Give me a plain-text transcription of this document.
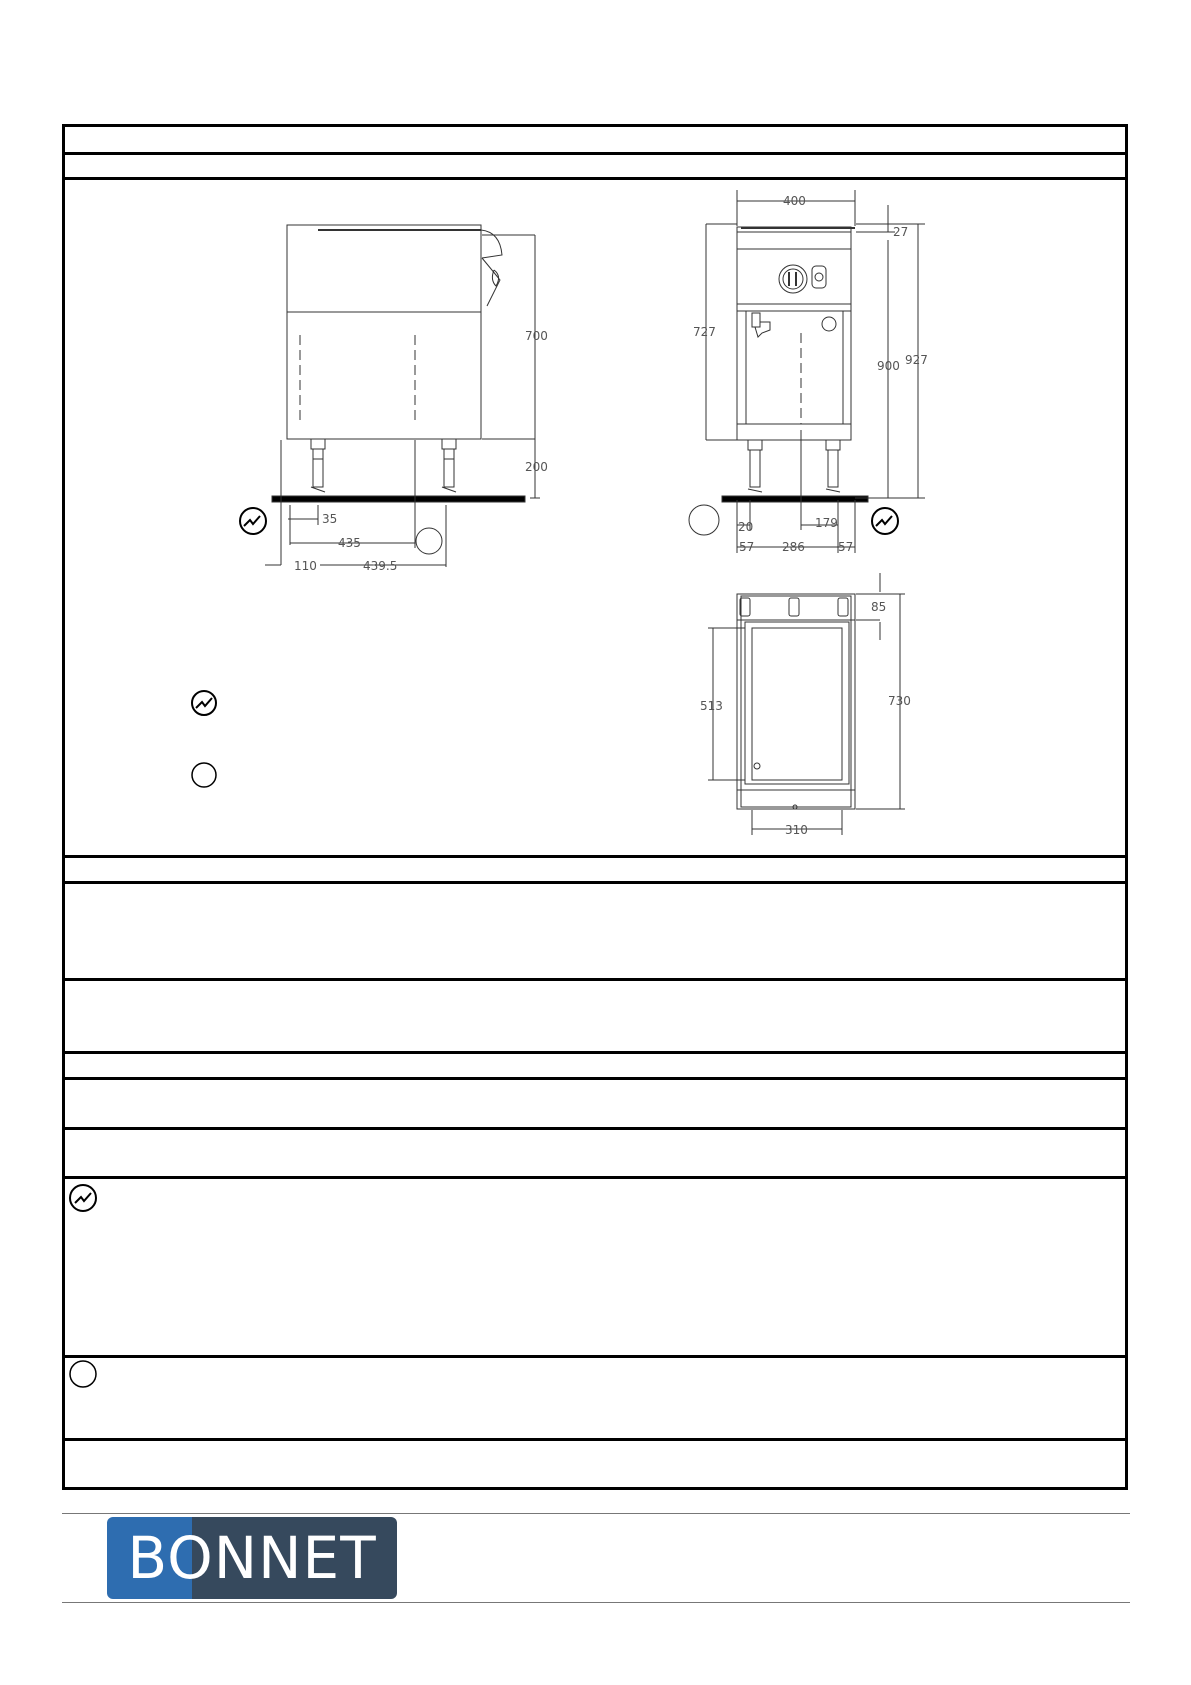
700
200
35
435
110	439.5
400
27
727
900 927
20	179
57 286	57
85
513	730
310
BONNET
